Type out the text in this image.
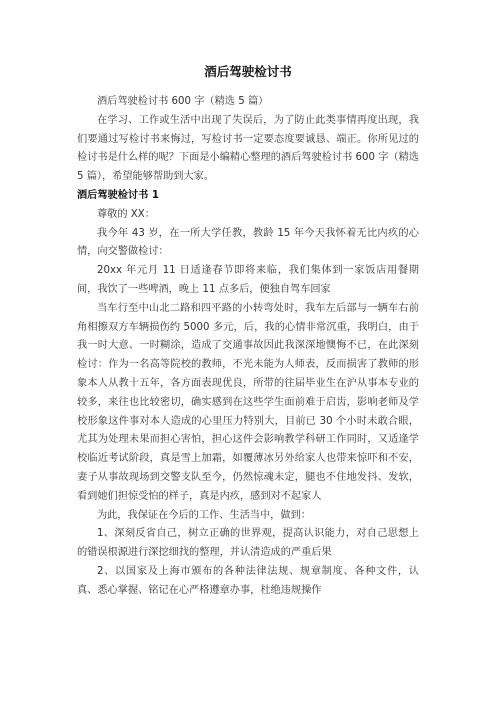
酒后驾驶检讨书

酒后驾驶检讨书 600 字（精选 5 篇）

在学习、工作或生活中出现了失误后，为了防止此类事情再度出现，我们要通过写检讨书来悔过，写检讨书一定要态度要诚恳、端正。你所见过的检讨书是什么样的呢？下面是小编精心整理的酒后驾驶检讨书 600 字（精选 5 篇），希望能够帮助到大家。

酒后驾驶检讨书 1

尊敬的 XX：

我今年 43 岁，在一所大学任教，教龄 15 年今天我怀着无比内疚的心情，向交警做检讨：

20xx 年元月 11 日适逢春节即将来临，我们集体到一家饭店用餐期间，我饮了一些啤酒，晚上 11 点多后，便独自驾车回家

当车行至中山北二路和四平路的小转弯处时，我车左后部与一辆车右前角相擦双方车辆损伤约 5000 多元，后，我的心情非常沉重，我明白，由于我一时大意、一时糊涂，造成了交通事故因此我深深地懊悔不已，在此深刻检讨：作为一名高等院校的教师，不光未能为人师表，反而损害了教师的形象本人从教十五年，各方面表现优良，所带的往届毕业生在沪从事本专业的较多，来往也比较密切，确实感到在这些学生面前难于启齿，影响老师及学校形象这件事对本人造成的心里压力特别大，目前已 30 个小时未敢合眼，尤其为处理未果而担心害怕，担心这件会影响教学科研工作同时，又适逢学校临近考试阶段，真是雪上加霜，如覆薄冰另外给家人也带来惊吓和不安，妻子从事故现场到交警支队至今，仍然惊魂未定，腿也不住地发抖、发软，看到她们担惊受怕的样子，真是内疚，感到对不起家人

为此，我保证在今后的工作、生活当中，做到：

1、深刻反省自己，树立正确的世界观，提高认识能力，对自己思想上的错误根源进行深挖细找的整理，并认清造成的严重后果

2、以国家及上海市颁布的各种法律法规、规章制度、各种文件，认真、悉心掌握、铭记在心严格遵章办事，杜绝违规操作
